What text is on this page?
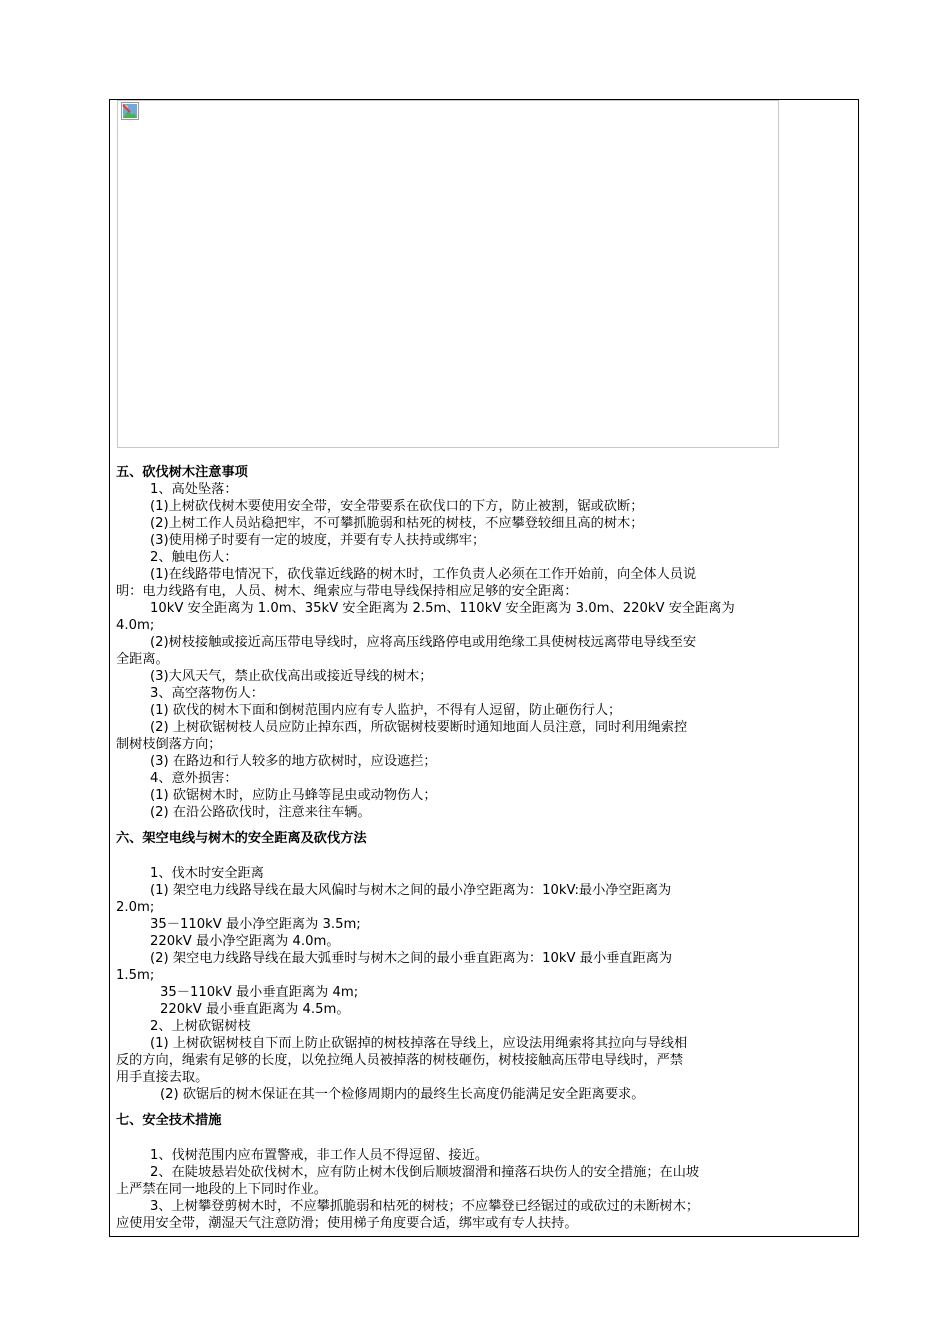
五、砍伐树木注意事项

1、高处坠落：

(1)上树砍伐树木要使用安全带，安全带要系在砍伐口的下方，防止被割，锯或砍断；

(2)上树工作人员站稳把牢，不可攀抓脆弱和枯死的树枝，不应攀登较细且高的树木；

(3)使用梯子时要有一定的坡度，并要有专人扶持或绑牢；

2、触电伤人：

(1)在线路带电情况下，砍伐靠近线路的树木时，工作负责人必须在工作开始前，向全体人员说

明：电力线路有电，人员、树木、绳索应与带电导线保持相应足够的安全距离：

10kV 安全距离为 1.0m、35kV 安全距离为 2.5m、110kV 安全距离为 3.0m、220kV 安全距离为

4.0m;

(2)树枝接触或接近高压带电导线时，应将高压线路停电或用绝缘工具使树枝远离带电导线至安

全距离。

(3)大风天气，禁止砍伐高出或接近导线的树木；

3、高空落物伤人：

(1) 砍伐的树木下面和倒树范围内应有专人监护，不得有人逗留，防止砸伤行人；

(2) 上树砍锯树枝人员应防止掉东西，所砍锯树枝要断时通知地面人员注意，同时利用绳索控

制树枝倒落方向；

(3) 在路边和行人较多的地方砍树时，应设遮拦；

4、意外损害：

(1) 砍锯树木时，应防止马蜂等昆虫或动物伤人；

(2) 在沿公路砍伐时，注意来往车辆。

六、架空电线与树木的安全距离及砍伐方法

1、伐木时安全距离

(1) 架空电力线路导线在最大风偏时与树木之间的最小净空距离为：10kV:最小净空距离为

2.0m;

35－110kV 最小净空距离为 3.5m;

220kV 最小净空距离为 4.0m。

(2) 架空电力线路导线在最大弧垂时与树木之间的最小垂直距离为：10kV 最小垂直距离为

1.5m;

35－110kV 最小垂直距离为 4m;

220kV 最小垂直距离为 4.5m。

2、上树砍锯树枝

(1) 上树砍锯树枝自下而上防止砍锯掉的树枝掉落在导线上，应设法用绳索将其拉向与导线相

反的方向，绳索有足够的长度，以免拉绳人员被掉落的树枝砸伤，树枝接触高压带电导线时，严禁

用手直接去取。

(2) 砍锯后的树木保证在其一个检修周期内的最终生长高度仍能满足安全距离要求。

七、安全技术措施

1、伐树范围内应布置警戒，非工作人员不得逗留、接近。

2、在陡坡悬岩处砍伐树木，应有防止树木伐倒后顺坡溜滑和撞落石块伤人的安全措施；在山坡

上严禁在同一地段的上下同时作业。

3、上树攀登剪树木时，不应攀抓脆弱和枯死的树枝；不应攀登已经锯过的或砍过的未断树木；

应使用安全带，潮湿天气注意防滑；使用梯子角度要合适，绑牢或有专人扶持。
